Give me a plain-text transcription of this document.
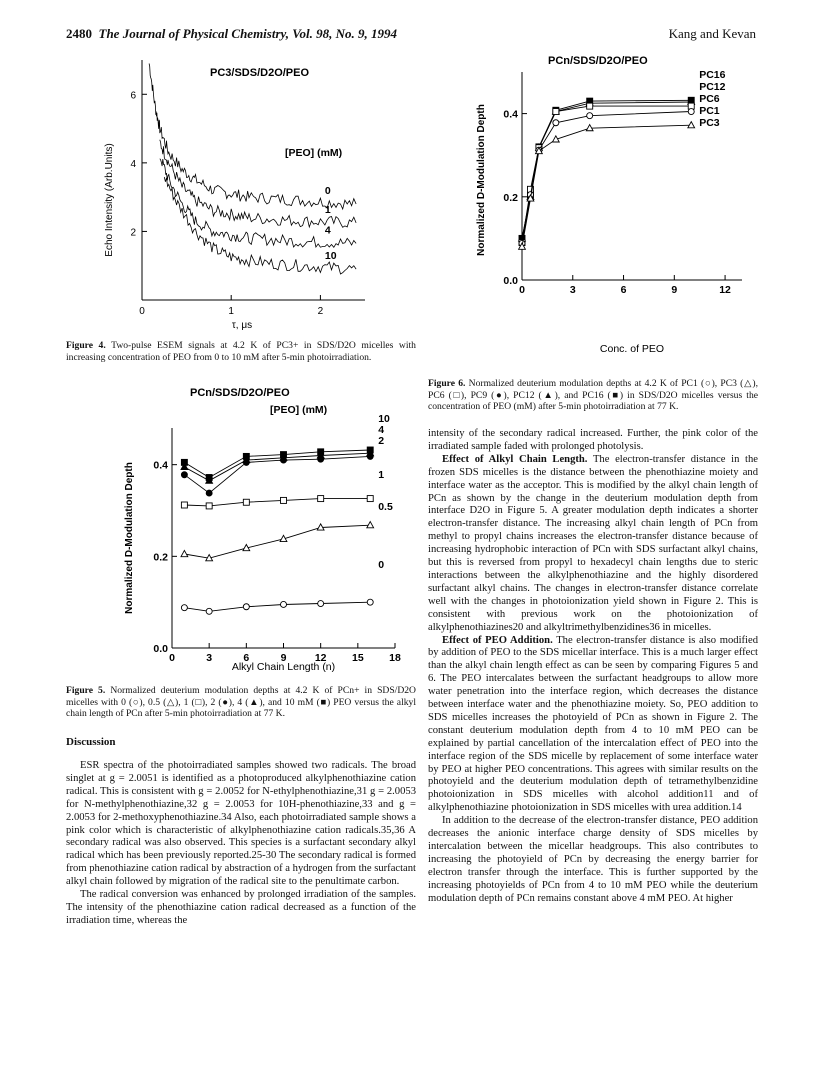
2480 The Journal of Physical Chemistry, Vol. 98, No. 9, 1994	Kang and Kevan
6
4
2
0	1	2
0
1
4
10
PC3/SDS/D2O/PEO
[PEO] (mM)
Echo Intensity (Arb.Units)
τ, μs
Figure 4. Two-pulse ESEM signals at 4.2 K of PC3+ in SDS/D2O micelles with increasing concentration of PEO from 0 to 10 mM after 5-min photoirradiation.
PCn/SDS/D2O/PEO
[PEO] (mM)
0.0
0.2
0.4
0	3	6	9	12 15 18
Normalized D-Modulation Depth
Alkyl Chain Length (n)
10
4
2
1
0.5
0
Figure 5. Normalized deuterium modulation depths at 4.2 K of PCn+ in SDS/D2O micelles with 0 (○), 0.5 (△), 1 (□), 2 (●), 4 (▲), and 10 mM (■) PEO versus the alkyl chain length of PCn after 5-min photoirradiation at 77 K.
PCn/SDS/D2O/PEO
0.0
0.2
0.4
0	3	6	9	12
Normalized D-Modulation Depth
Conc. of PEO
PC16
PC12
PC6
PC1
PC3
Figure 6. Normalized deuterium modulation depths at 4.2 K of PC1 (○), PC3 (△), PC6 (□), PC9 (●), PC12 (▲), and PC16 (■) in SDS/D2O micelles versus the concentration of PEO (mM) after 5-min photoirradiation at 77 K.
Discussion

ESR spectra of the photoirradiated samples showed two radicals. The broad singlet at g = 2.0051 is identified as a photoproduced alkylphenothiazine cation radical. This is consistent with g = 2.0052 for N-ethylphenothiazine,31 g = 2.0053 for N-methylphenothiazine,32 g = 2.0053 for 10H-phenothiazine,33 and g = 2.0053 for 2-methoxyphenothiazine.34 Also, each photoirradiated sample shows a pink color which is characteristic of alkylphenothiazine cation radicals.35,36 A secondary radical was also observed. This species is a surfactant secondary alkyl radical which has been previously reported.25-30 The secondary radical is formed from phenothiazine cation radical by abstraction of a hydrogen from the surfactant alkyl chain followed by migration of the radical site to the penultimate carbon.

The radical conversion was enhanced by prolonged irradiation of the samples. The intensity of the phenothiazine cation radical decreased as a function of the irradiation time, whereas the

intensity of the secondary radical increased. Further, the pink color of the irradiated sample faded with prolonged photolysis.

Effect of Alkyl Chain Length. The electron-transfer distance in the frozen SDS micelles is the distance between the phenothiazine moiety and interface water as the acceptor. This is modified by the alkyl chain length of PCn as shown by the change in the deuterium modulation depth from interface D2O in Figure 5. A greater modulation depth indicates a shorter electron-transfer distance. The increasing alkyl chain length of PCn from methyl to propyl chains increases the electron-transfer distance because of increasing hydrophobic interaction of PCn with SDS surfactant alkyl chains, but this is reversed from propyl to hexadecyl chain lengths due to steric interactions between the alkylphenothiazine and the highly disordered surfactant alkyl chains. The changes in electron-transfer distance correlate well with the changes in photoionization yield shown in Figure 2. This is consistent with previous work on the photoionization of alkylphenothiazines20 and alkyltrimethylbenzidines36 in micelles.

Effect of PEO Addition. The electron-transfer distance is also modified by addition of PEO to the SDS micellar interface. This is a much larger effect than the alkyl chain length effect as can be seen by comparing Figures 5 and 6. The PEO intercalates between the surfactant headgroups to allow more water penetration into the interface region, which decreases the distance between interface water and the phenothiazine moiety. So, PEO addition to SDS micelles increases the photoyield of PCn as shown in Figure 2. The constant deuterium modulation depth from 4 to 10 mM PEO can be explained by partial cancellation of the intercalation effect of PEO into the interface region of the SDS micelle by replacement of some interface water by PEO at higher PEO concentrations. This agrees with similar results on the photoyield and the deuterium modulation depth of tetramethylbenzidine photoionization in SDS micelles with alcohol addition11 and of alkylphenothiazine photoionization in SDS micelles with urea addition.14

In addition to the decrease of the electron-transfer distance, PEO addition decreases the anionic interface charge density of SDS micelles by intercalation between the micellar headgroups. This also contributes to increasing the photoyield of PCn by decreasing the energy barrier for electron transfer through the interface. This is further supported by the increasing photoyields of PCn from 4 to 10 mM PEO while the deuterium modulation depth of PCn remains constant above 4 mM PEO. At higher
